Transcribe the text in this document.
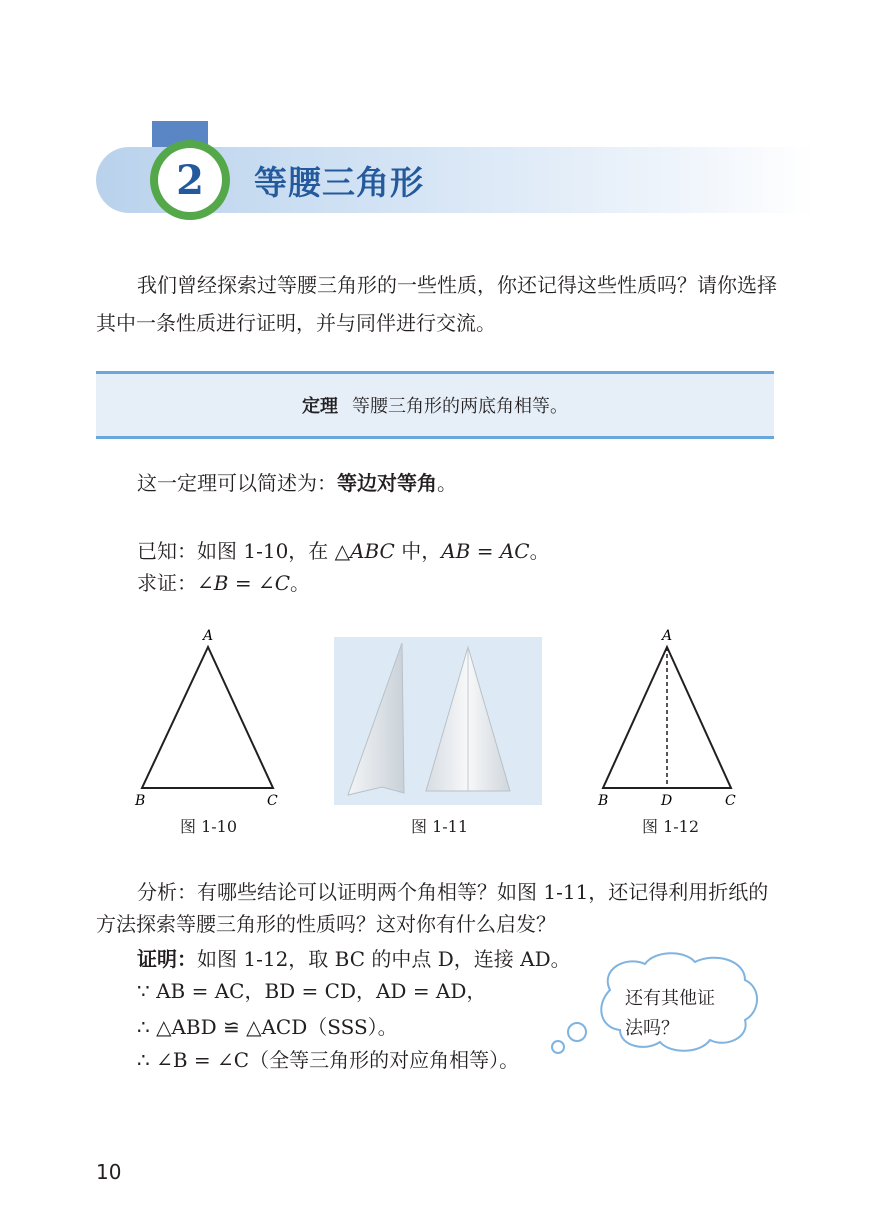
2	等腰三角形
我们曾经探索过等腰三角形的一些性质，你还记得这些性质吗？请你选择
其中一条性质进行证明，并与同伴进行交流。
定理 等腰三角形的两底角相等。
这一定理可以简述为：等边对等角。
已知：如图 1-10，在 △ABC 中，AB = AC。
求证：∠B = ∠C。
A
B	C
图 1-10	图 1-11
A
B	D	C
图 1-12
分析：有哪些结论可以证明两个角相等？如图 1-11，还记得利用折纸的
方法探索等腰三角形的性质吗？这对你有什么启发？
证明：如图 1-12，取 BC 的中点 D，连接 AD。
∵ AB = AC，BD = CD，AD = AD，
∴ △ABD ≌ △ACD（SSS）。
∴ ∠B = ∠C（全等三角形的对应角相等）。
还有其他证
法吗？
10
